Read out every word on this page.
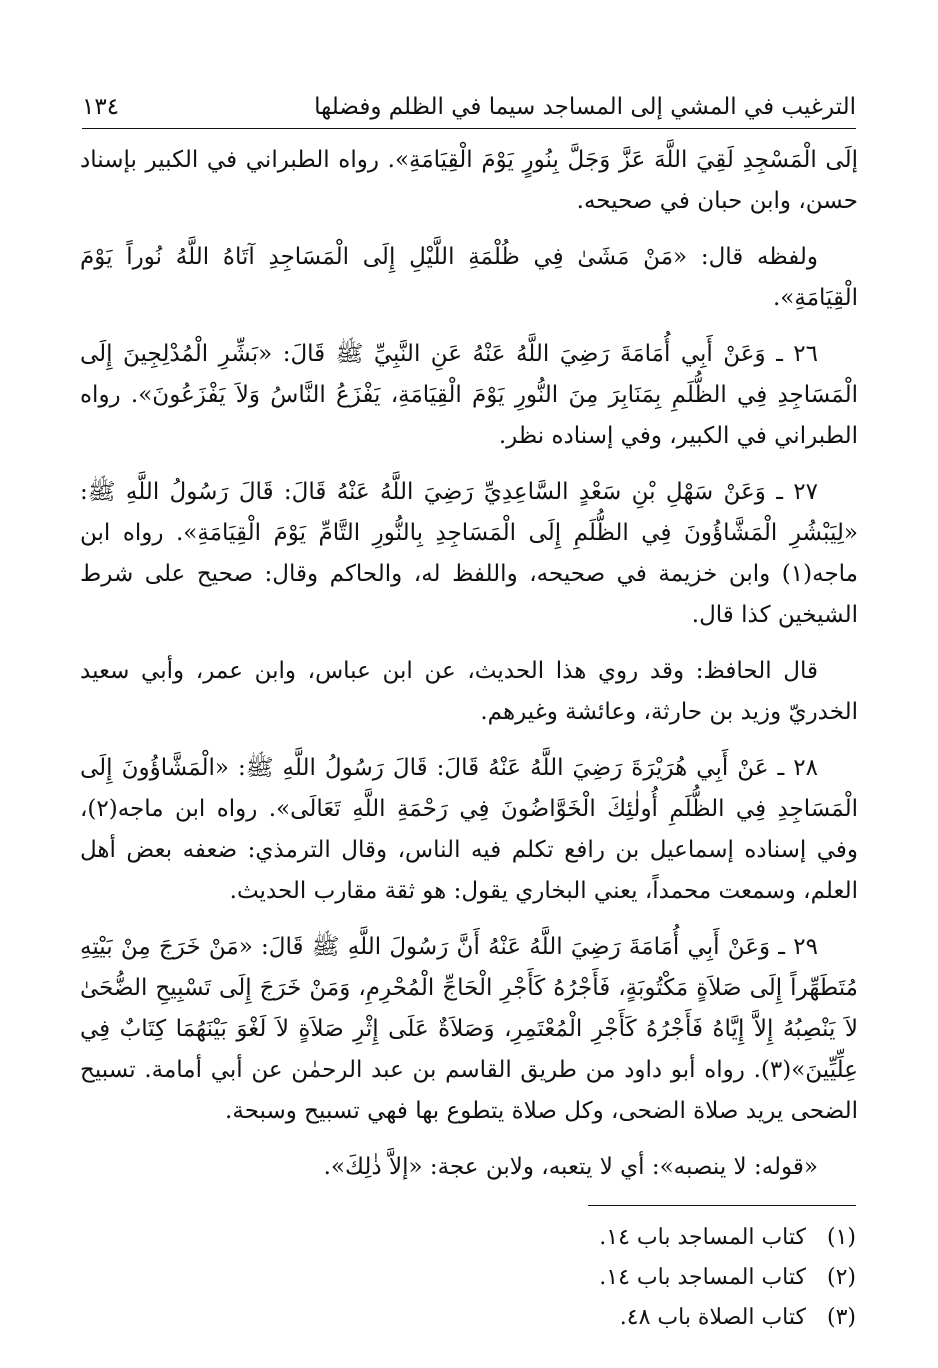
الترغيب في المشي إلى المساجد سيما في الظلم وفضلها
١٣٤

إلَى الْمَسْجِدِ لَقِيَ اللَّهَ عَزَّ وَجَلَّ بِنُورٍ يَوْمَ الْقِيَامَةِ». رواه الطبراني في الكبير بإسناد حسن، وابن حبان في صحيحه.

ولفظه قال: «مَنْ مَشَىٰ فِي ظُلْمَةِ اللَّيْلِ إِلَى الْمَسَاجِدِ آتَاهُ اللَّهُ نُوراً يَوْمَ الْقِيَامَةِ».

٢٦ ـ وَعَنْ أَبِي أُمَامَةَ رَضِيَ اللَّهُ عَنْهُ عَنِ النَّبِيِّ ﷺ قَالَ: «بَشِّرِ الْمُدْلِجِينَ إِلَى الْمَسَاجِدِ فِي الظُّلَمِ بِمَنَابِرَ مِنَ النُّورِ يَوْمَ الْقِيَامَةِ، يَفْزَعُ النَّاسُ وَلاَ يَفْزَعُونَ». رواه الطبراني في الكبير، وفي إسناده نظر.

٢٧ ـ وَعَنْ سَهْلِ بْنِ سَعْدٍ السَّاعِدِيِّ رَضِيَ اللَّهُ عَنْهُ قَالَ: قَالَ رَسُولُ اللَّهِ ﷺ: «لِيَبْشُرِ الْمَشَّاؤُونَ فِي الظُّلَمِ إِلَى الْمَسَاجِدِ بِالنُّورِ التَّامِّ يَوْمَ الْقِيَامَةِ». رواه ابن ماجه(١) وابن خزيمة في صحيحه، واللفظ له، والحاكم وقال: صحيح على شرط الشيخين كذا قال.

قال الحافظ: وقد روي هذا الحديث، عن ابن عباس، وابن عمر، وأبي سعيد الخدريّ وزيد بن حارثة، وعائشة وغيرهم.

٢٨ ـ عَنْ أَبِي هُرَيْرَةَ رَضِيَ اللَّهُ عَنْهُ قَالَ: قَالَ رَسُولُ اللَّهِ ﷺ: «الْمَشَّاؤُونَ إِلَى الْمَسَاجِدِ فِي الظُّلَمِ أُولٰئِكَ الْخَوَّاضُونَ فِي رَحْمَةِ اللَّهِ تَعَالَى». رواه ابن ماجه(٢)، وفي إسناده إسماعيل بن رافع تكلم فيه الناس، وقال الترمذي: ضعفه بعض أهل العلم، وسمعت محمداً، يعني البخاري يقول: هو ثقة مقارب الحديث.

٢٩ ـ وَعَنْ أَبِي أُمَامَةَ رَضِيَ اللَّهُ عَنْهُ أَنَّ رَسُولَ اللَّهِ ﷺ قَالَ: «مَنْ خَرَجَ مِنْ بَيْتِهِ مُتَطَهِّراً إِلَى صَلاَةٍ مَكْتُوبَةٍ، فَأَجْرُهُ كَأَجْرِ الْحَاجِّ الْمُحْرِمِ، وَمَنْ خَرَجَ إِلَى تَسْبِيحِ الضُّحَىٰ لاَ يَنْصِبُهُ إِلاَّ إِيَّاهُ فَأَجْرُهُ كَأَجْرِ الْمُعْتَمِرِ، وَصَلاَةٌ عَلَى إِثْرِ صَلاَةٍ لاَ لَغْوَ بَيْنَهُمَا كِتَابٌ فِي عِلِّيِّينَ»(٣). رواه أبو داود من طريق القاسم بن عبد الرحمٰن عن أبي أمامة. تسبيح الضحى يريد صلاة الضحى، وكل صلاة يتطوع بها فهي تسبيح وسبحة.

«قوله: لا ينصبه»: أي لا يتعبه، ولابن عجة: «إلاَّ ذٰلِكَ».

(١)
كتاب المساجد باب ١٤.
(٢)
كتاب المساجد باب ١٤.
(٣)
كتاب الصلاة باب ٤٨.
